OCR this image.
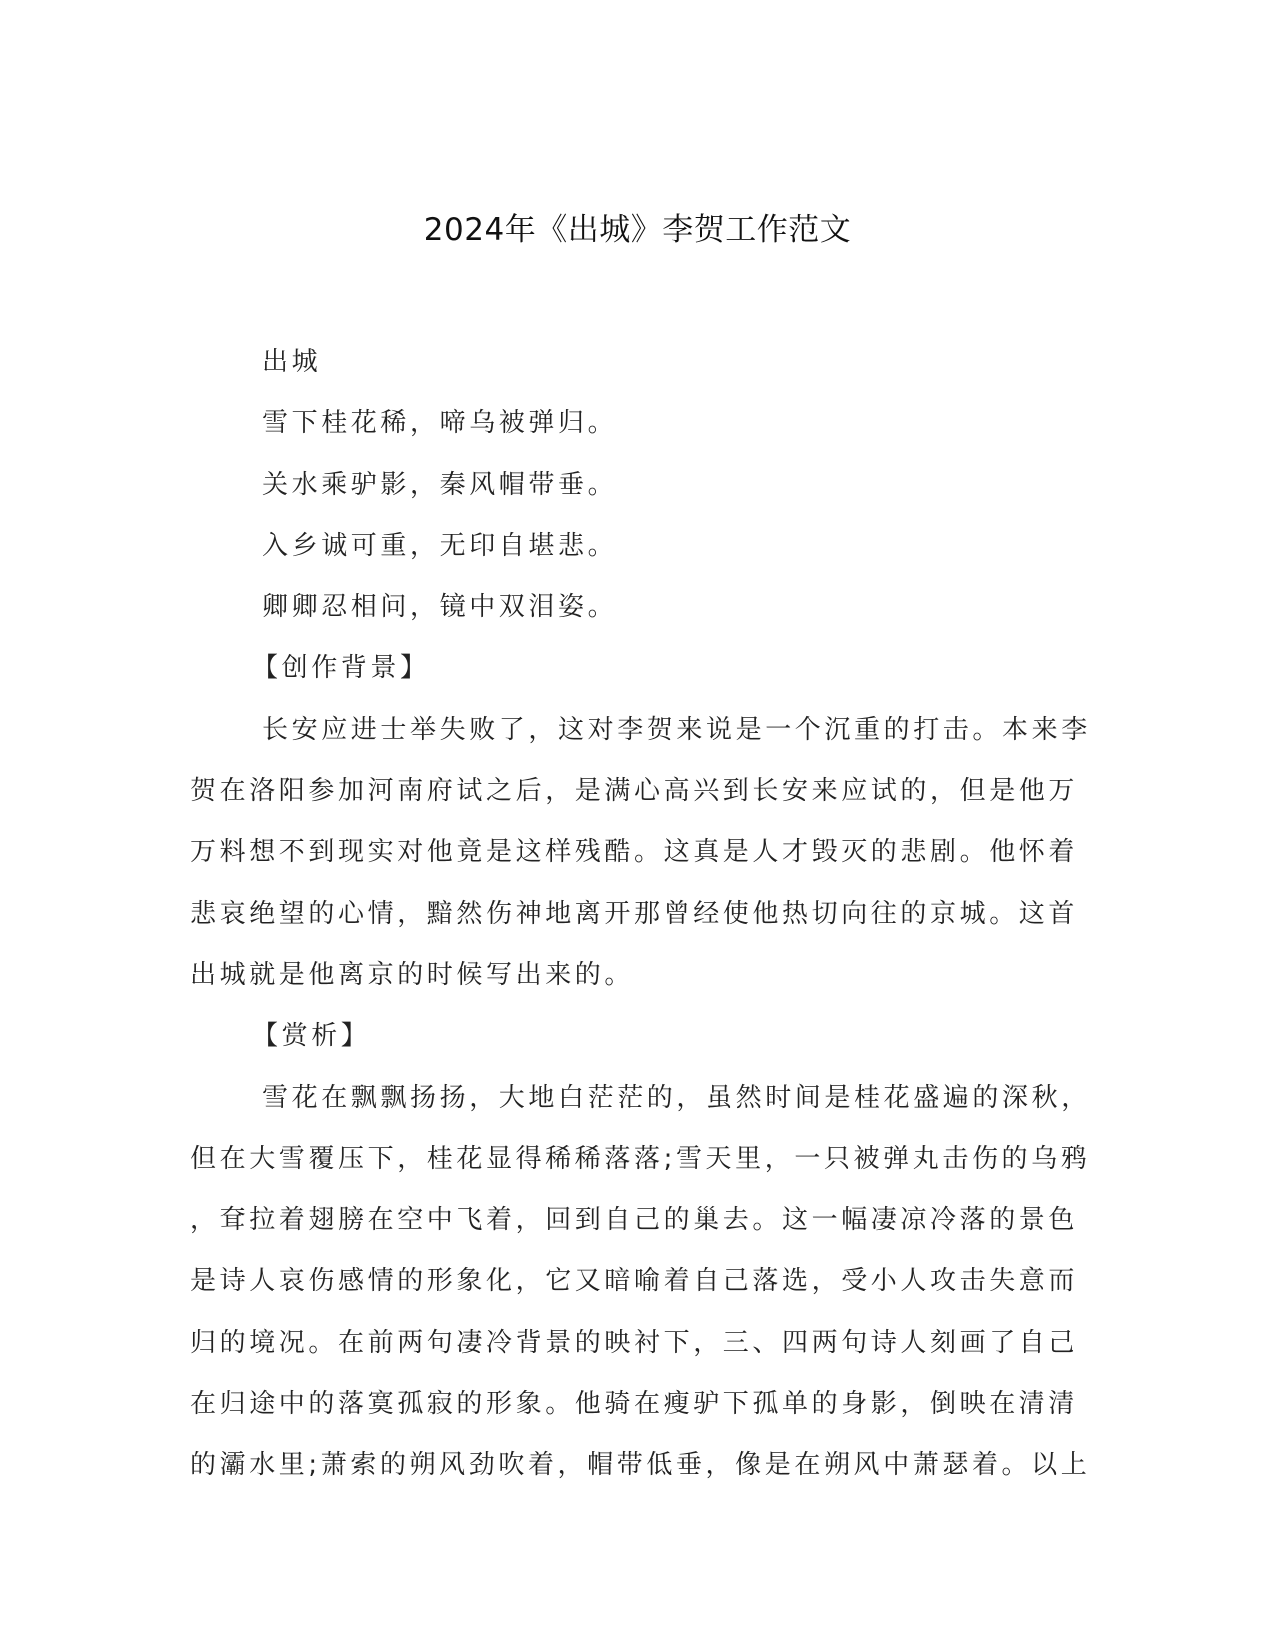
2024年《出城》李贺工作范文
出城
雪下桂花稀，啼乌被弹归。
关水乘驴影，秦风帽带垂。
入乡诚可重，无印自堪悲。
卿卿忍相问，镜中双泪姿。
【创作背景】
长安应进士举失败了，这对李贺来说是一个沉重的打击。本来李
贺在洛阳参加河南府试之后，是满心高兴到长安来应试的，但是他万
万料想不到现实对他竟是这样残酷。这真是人才毁灭的悲剧。他怀着
悲哀绝望的心情，黯然伤神地离开那曾经使他热切向往的京城。这首
出城就是他离京的时候写出来的。
【赏析】
雪花在飘飘扬扬，大地白茫茫的，虽然时间是桂花盛遍的深秋，
但在大雪覆压下，桂花显得稀稀落落;雪天里，一只被弹丸击伤的乌鸦
，耷拉着翅膀在空中飞着，回到自己的巢去。这一幅凄凉冷落的景色
是诗人哀伤感情的形象化，它又暗喻着自己落选，受小人攻击失意而
归的境况。在前两句凄冷背景的映衬下，三、四两句诗人刻画了自己
在归途中的落寞孤寂的形象。他骑在瘦驴下孤单的身影，倒映在清清
的灞水里;萧索的朔风劲吹着，帽带低垂，像是在朔风中萧瑟着。以上
